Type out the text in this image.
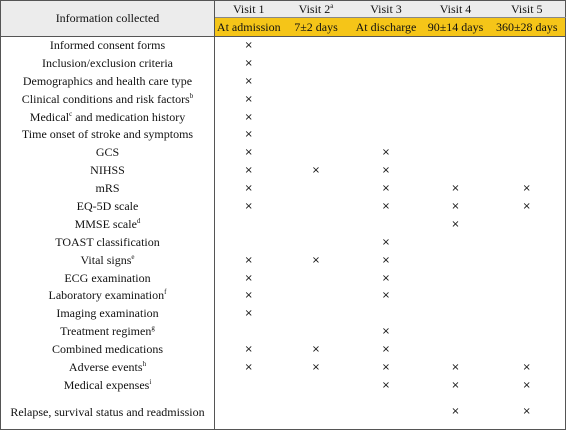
Information collected	Visit 1	Visit 2$^a$	Visit 3	Visit 4	Visit 5
	At admission	7±2 days	At discharge	90±14 days	360±28 days
Informed consent forms	×				
Inclusion/exclusion criteria	×				
Demographics and health care type	×				
Clinical conditions and risk factors$^b$	×				
Medical$^c$ and medication history	×				
Time onset of stroke and symptoms	×				
GCS	×		×		
NIHSS	×	×	×		
mRS	×		×	×	×
EQ-5D scale	×		×	×	×
MMSE scale$^d$				×	
TOAST classification			×		
Vital signs$^e$	×	×	×		
ECG examination	×		×		
Laboratory examination$^f$	×		×		
Imaging examination	×				
Treatment regimen$^g$			×		
Combined medications	×	×	×		
Adverse events$^h$	×	×	×	×	×
Medical expenses$^i$			×	×	×
Relapse, survival status and readmission				×	×
